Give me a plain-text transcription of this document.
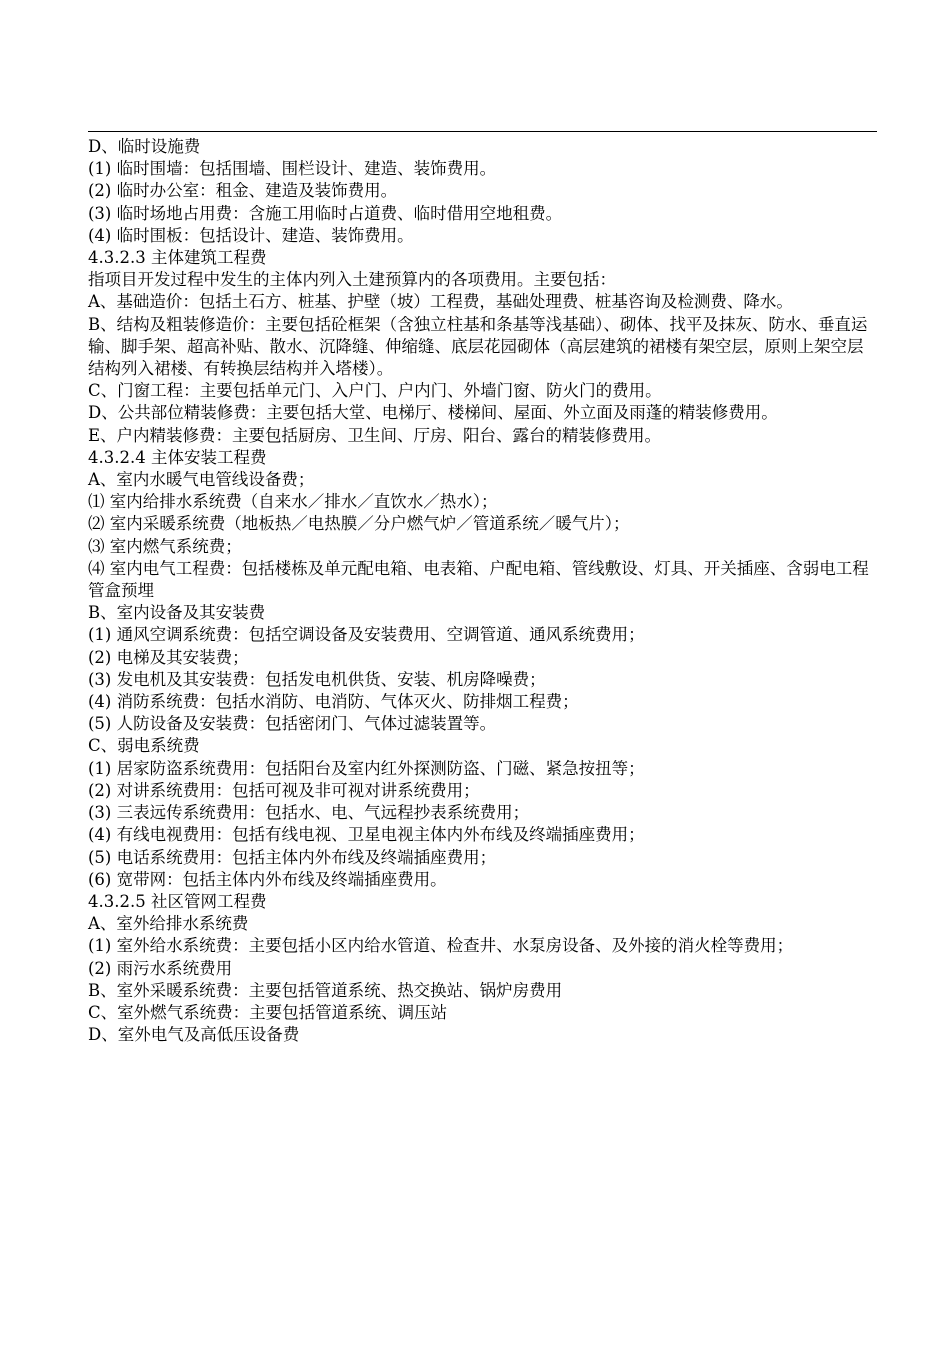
D、临时设施费
(1) 临时围墙：包括围墙、围栏设计、建造、装饰费用。
(2) 临时办公室：租金、建造及装饰费用。
(3) 临时场地占用费：含施工用临时占道费、临时借用空地租费。
(4) 临时围板：包括设计、建造、装饰费用。
4.3.2.3 主体建筑工程费
指项目开发过程中发生的主体内列入土建预算内的各项费用。主要包括：
A、基础造价：包括土石方、桩基、护壁（坡）工程费，基础处理费、桩基咨询及检测费、降水。
B、结构及粗装修造价：主要包括砼框架（含独立柱基和条基等浅基础）、砌体、找平及抹灰、防水、垂直运输、脚手架、超高补贴、散水、沉降缝、伸缩缝、底层花园砌体（高层建筑的裙楼有架空层，原则上架空层结构列入裙楼、有转换层结构并入塔楼）。
C、门窗工程：主要包括单元门、入户门、户内门、外墙门窗、防火门的费用。
D、公共部位精装修费：主要包括大堂、电梯厅、楼梯间、屋面、外立面及雨蓬的精装修费用。
E、户内精装修费：主要包括厨房、卫生间、厅房、阳台、露台的精装修费用。
4.3.2.4 主体安装工程费
A、室内水暖气电管线设备费；
⑴ 室内给排水系统费（自来水／排水／直饮水／热水）；
⑵ 室内采暖系统费（地板热／电热膜／分户燃气炉／管道系统／暖气片）；
⑶ 室内燃气系统费；
⑷ 室内电气工程费：包括楼栋及单元配电箱、电表箱、户配电箱、管线敷设、灯具、开关插座、含弱电工程管盒预埋
B、室内设备及其安装费
(1) 通风空调系统费：包括空调设备及安装费用、空调管道、通风系统费用；
(2) 电梯及其安装费；
(3) 发电机及其安装费：包括发电机供货、安装、机房降噪费；
(4) 消防系统费：包括水消防、电消防、气体灭火、防排烟工程费；
(5) 人防设备及安装费：包括密闭门、气体过滤装置等。
C、弱电系统费
(1) 居家防盗系统费用：包括阳台及室内红外探测防盗、门磁、紧急按扭等；
(2) 对讲系统费用：包括可视及非可视对讲系统费用；
(3) 三表远传系统费用：包括水、电、气远程抄表系统费用；
(4) 有线电视费用：包括有线电视、卫星电视主体内外布线及终端插座费用；
(5) 电话系统费用：包括主体内外布线及终端插座费用；
(6) 宽带网：包括主体内外布线及终端插座费用。
4.3.2.5 社区管网工程费
A、室外给排水系统费
(1) 室外给水系统费：主要包括小区内给水管道、检查井、水泵房设备、及外接的消火栓等费用；
(2) 雨污水系统费用
B、室外采暖系统费：主要包括管道系统、热交换站、锅炉房费用
C、室外燃气系统费：主要包括管道系统、调压站
D、室外电气及高低压设备费
